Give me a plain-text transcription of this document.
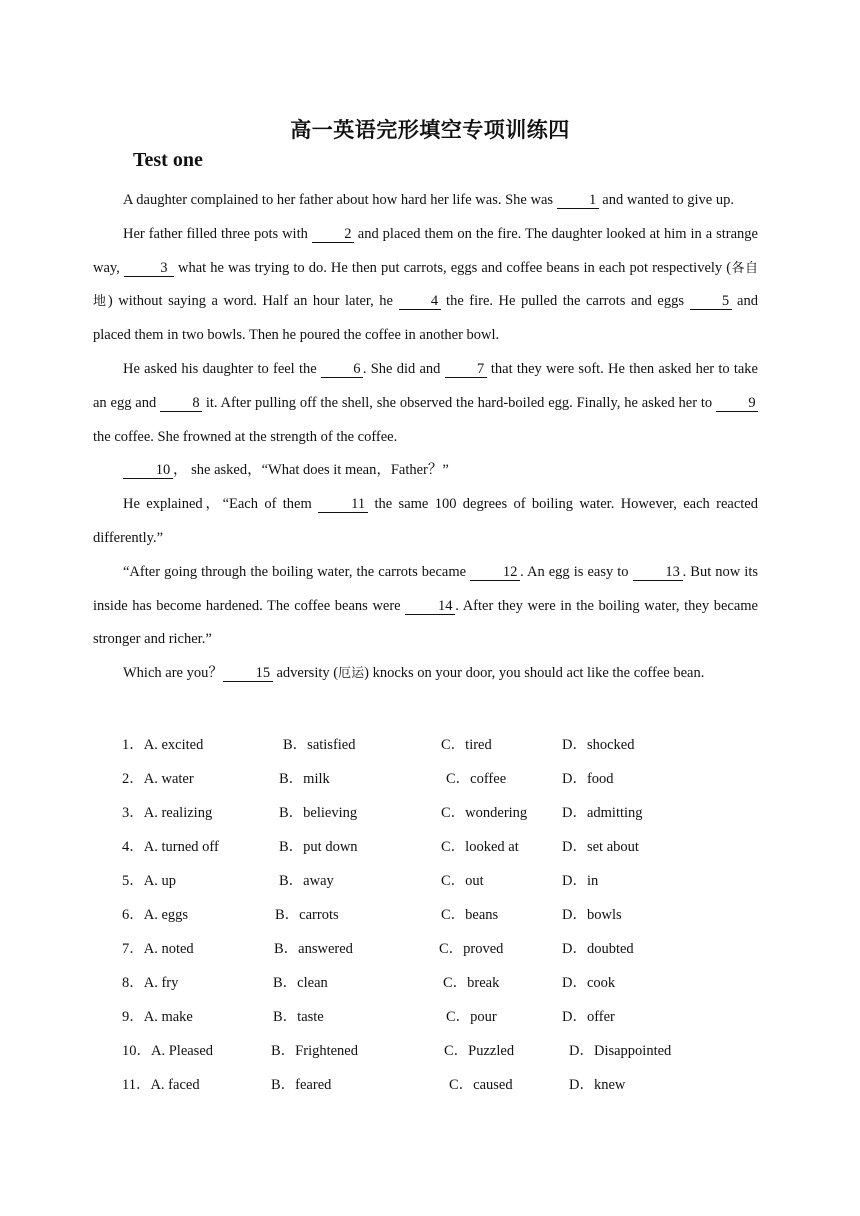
高一英语完形填空专项训练四
Test one

A daughter complained to her father about how hard her life was. She was 1 and wanted to give up.

Her father filled three pots with 2 and placed them on the fire. The daughter looked at him in a strange way,	3 what he was trying to do. He then put carrots, eggs and coffee beans in each pot respectively (各自地) without saying a word. Half an hour later, he 4 the fire. He pulled the carrots and eggs 5 and placed them in two bowls. Then he poured the coffee in another bowl.

He asked his daughter to feel the 6 . She did and 7 that they were soft. He then asked her to take an egg and 8 it. After pulling off the shell, she observed the hard-boiled egg. Finally, he asked her to 9 the coffee. She frowned at the strength of the coffee.

10 ， she asked，“What does it mean，Father？”

He explained，“Each of them 11 the same 100 degrees of boiling water. However, each reacted differently.”

“After going through the boiling water, the carrots became 12 . An egg is easy to 13 . But now its inside has become hardened. The coffee beans were 14 . After they were in the boiling water, they became stronger and richer.”

Which are you？ 15 adversity (厄运) knocks on your door, you should act like the coffee bean.

1．A. excited	B．satisfied	C．tired	D．shocked
2．A. water	B．milk	C．coffee	D．food
3．A. realizing	B．believing	C．wondering D．admitting
4．A. turned off	B．put down	C．looked at	D．set about
5．A. up	B．away	C．out	D．in
6．A. eggs	B．carrots	C．beans	D．bowls
7．A. noted	B．answered	C．proved	D．doubted
8．A. fry	B．clean	C．break	D．cook
9．A. make	B．taste	C．pour	D．offer
10．A. Pleased	B．Frightened	C．Puzzled	D．Disappointed
11．A. faced	B．feared	C．caused	D．knew
